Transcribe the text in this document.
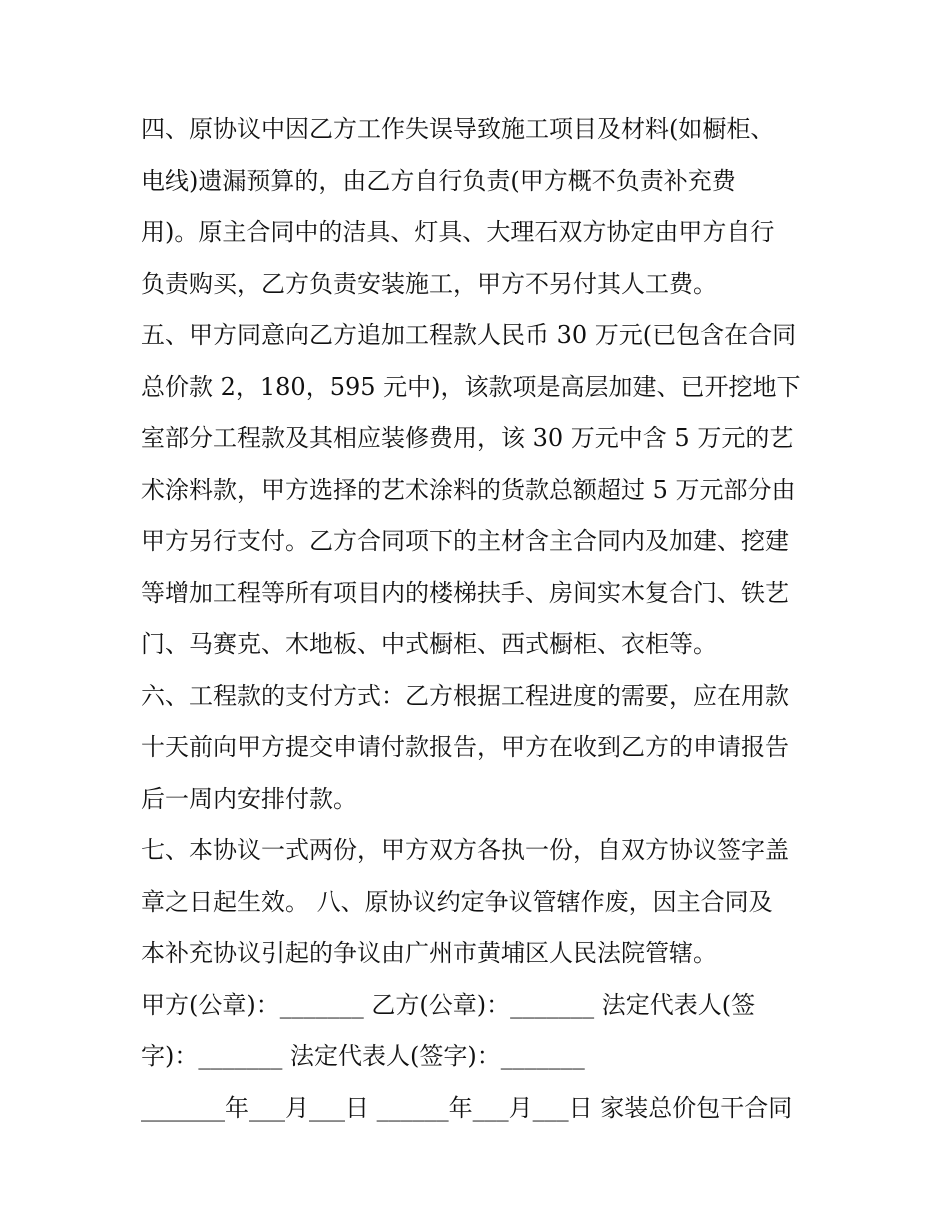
四、原协议中因乙方工作失误导致施工项目及材料(如橱柜、
电线)遗漏预算的，由乙方自行负责(甲方概不负责补充费
用)。原主合同中的洁具、灯具、大理石双方协定由甲方自行
负责购买，乙方负责安装施工，甲方不另付其人工费。
五、甲方同意向乙方追加工程款人民币 30 万元(已包含在合同
总价款 2，180，595 元中)，该款项是高层加建、已开挖地下
室部分工程款及其相应装修费用，该 30 万元中含 5 万元的艺
术涂料款，甲方选择的艺术涂料的货款总额超过 5 万元部分由
甲方另行支付。乙方合同项下的主材含主合同内及加建、挖建
等增加工程等所有项目内的楼梯扶手、房间实木复合门、铁艺
门、马赛克、木地板、中式橱柜、西式橱柜、衣柜等。
六、工程款的支付方式：乙方根据工程进度的需要，应在用款
十天前向甲方提交申请付款报告，甲方在收到乙方的申请报告
后一周内安排付款。
七、本协议一式两份，甲方双方各执一份，自双方协议签字盖
章之日起生效。 八、原协议约定争议管辖作废，因主合同及
本补充协议引起的争议由广州市黄埔区人民法院管辖。
甲方(公章)：_______ 乙方(公章)：_______ 法定代表人(签
字)：_______ 法定代表人(签字)：_______
_______年___月___日 ______年___月___日 家装总价包干合同
